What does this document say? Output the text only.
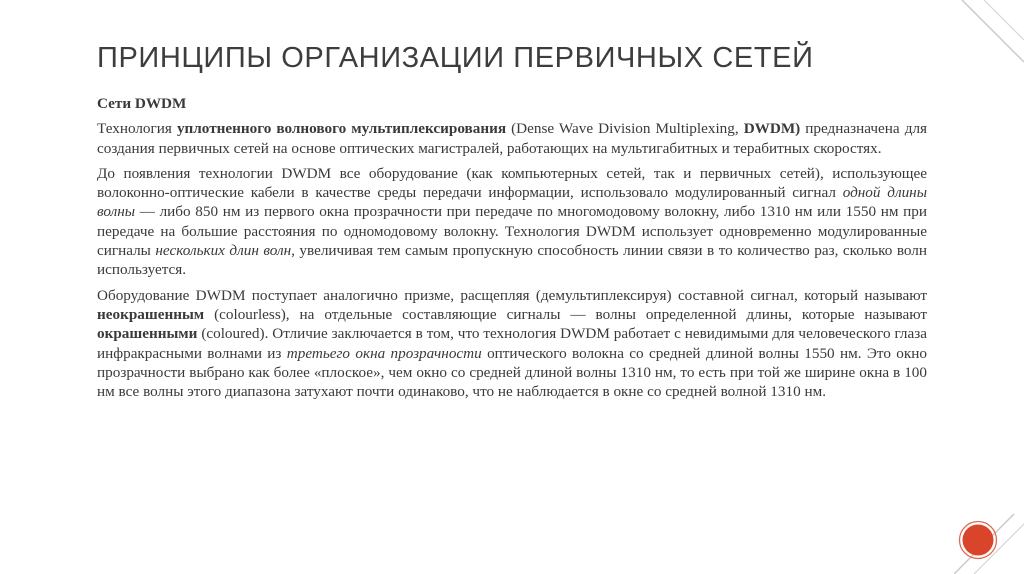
ПРИНЦИПЫ ОРГАНИЗАЦИИ ПЕРВИЧНЫХ СЕТЕЙ
Сети DWDM

Технология уплотненного волнового мультиплексирования (Dense Wave Division Multiplexing, DWDM) предназначена для создания первичных сетей на основе оптических магистралей, работающих на мультигабитных и терабитных скоростях.

До появления технологии DWDM все оборудование (как компьютерных сетей, так и первичных сетей), использующее волоконно-оптические кабели в качестве среды передачи информации, использовало модулированный сигнал одной длины волны — либо 850 нм из первого окна прозрачности при передаче по многомодовому волокну, либо 1310 нм или 1550 нм при передаче на большие расстояния по одномодовому волокну. Технология DWDM использует одновременно модулированные сигналы нескольких длин волн, увеличивая тем самым пропускную способность линии связи в то количество раз, сколько волн используется.

Оборудование DWDM поступает аналогично призме, расщепляя (демультиплексируя) составной сигнал, который называют неокрашенным (colourless), на отдельные составляющие сигналы — волны определенной длины, которые называют окрашенными (coloured). Отличие заключается в том, что технология DWDM работает с невидимыми для человеческого глаза инфракрасными волнами из третьего окна прозрачности оптического волокна со средней длиной волны 1550 нм. Это окно прозрачности выбрано как более «плоское», чем окно со средней длиной волны 1310 нм, то есть при той же ширине окна в 100 нм все волны этого диапазона затухают почти одинаково, что не наблюдается в окне со средней волной 1310 нм.
